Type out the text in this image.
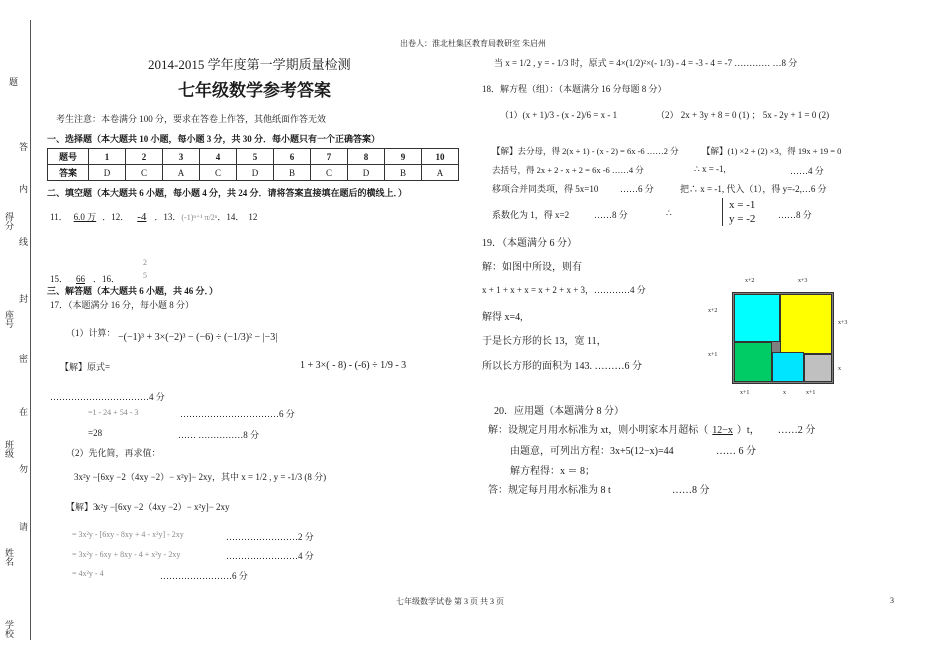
题
答
内
得分
线
封
座号
密
在
班级
勿
请
姓名
学校
出卷人：淮北杜集区教育局教研室 朱启州
2014-2015 学年度第一学期质量检测
七年级数学参考答案
考生注意：本卷满分 100 分，要求在答卷上作答，其他纸面作答无效
一、选择题（本大题共 10 小题，每小题 3 分，共 30 分．每小题只有一个正确答案）
题号	1	2	3	4	5	6	7	8	9	10
答案	D	C	A	C	D	B	C	D	B	A
二、填空题（本大题共 6 小题，每小题 4 分，共 24 分．请将答案直接填在题后的横线上．）
11． 6.0 万 ．12． -4 ．13．(-1)ⁿ⁺¹ π/2ⁿ．14． 12
15． 66 ．16．
2
5
三、解答题（本大题共 6 小题，共 46 分．）
17．（本题满分 16 分，每小题 8 分）
（1）计算： −(−1)³ + 3×(−2)³ − (−6) ÷ (−1/3)² − |−3|
【解】原式=	1 + 3×( - 8) - (-6) ÷ 1/9 - 3
……………………………4 分
=1 - 24 + 54 - 3	……………………………6 分
=28	…… ……………8 分
（2）先化简，再求值：
3x²y −[6xy −2（4xy −2）− x²y]− 2xy，其中 x = 1/2 , y = -1/3 (8 分)
【解】3
x²y −[6xy −2（4xy −2）− x²y]− 2xy
= 3x²y - [6xy - 8xy + 4 - x²y] - 2xy	……………………2 分
= 3x²y - 6xy + 8xy - 4 + x²y - 2xy	……………………4 分
= 4x²y - 4	……………………6 分
当 x = 1/2 , y = - 1/3 时，原式 = 4×(1/2)²×(- 1/3) - 4 = -3 - 4 = -7 ………… …8 分
18．解方程（组）：（本题满分 16 分每题 8 分）
（1）(x + 1)/3 - (x - 2)/6 = x - 1	（2） 2x + 3y + 8 = 0 (1) ； 5x - 2y + 1 = 0 (2)
【解】去分母，得 2(x + 1) - (x - 2) = 6x -6 ……2 分	【解】(1) ×2 + (2) ×3，得 19x + 19 = 0
去括号，得 2x + 2 - x + 2 = 6x -6 ……4 分	∴ x = -1,	……4 分
移项合并同类项，得 5x=10 ……6 分	把∴ x = -1, 代入（1），得 y=-2,…6 分
系数化为 1，得 x=2	……8 分	∴
x = -1
y = -2	……8 分
19．（本题满分 6 分）
解：如图中所设，则有
x + 1 + x + x = x + 2 + x + 3，…………4 分
解得 x=4,
于是长方形的长 13，宽 11，
所以长方形的面积为 143. ………6 分
x+2	x+3
x+2
x+1
x+3
x
x+1	x	x+1
20．应用题（本题满分 8 分）
解：设规定月用水标准为 xt，则小明家本月超标（ 12−x ）t， ……2 分
由题意，可列出方程：3x+5(12−x)=44	…… 6 分
解方程得：x ＝ 8；
答：规定每月用水标准为 8 t	……8 分
七年级数学试卷 第 3 页 共 3 页	3
